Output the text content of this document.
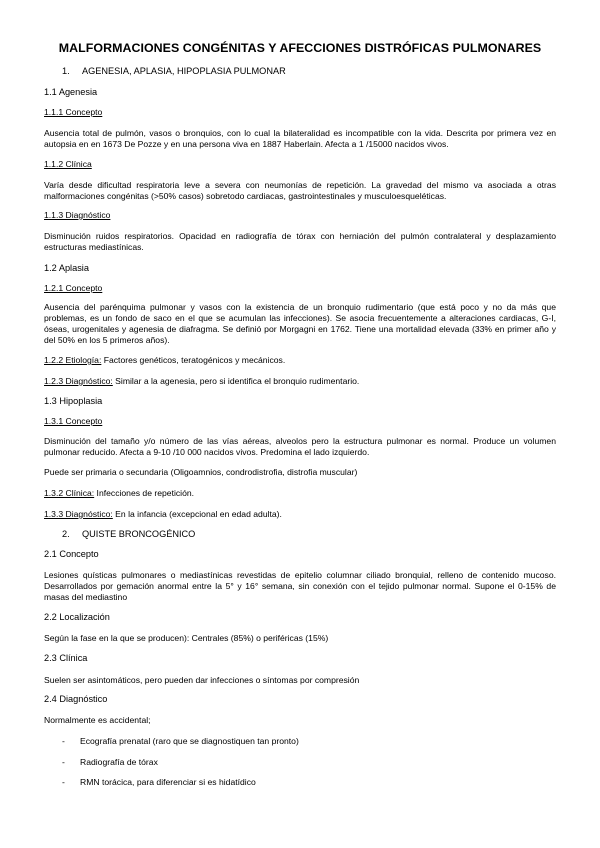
MALFORMACIONES CONGÉNITAS Y AFECCIONES DISTRÓFICAS PULMONARES
1. AGENESIA, APLASIA, HIPOPLASIA PULMONAR
1.1 Agenesia
1.1.1 Concepto
Ausencia total de pulmón, vasos o bronquios, con lo cual la bilateralidad es incompatible con la vida. Descrita por primera vez en autopsia en en 1673 De Pozze y en una persona viva en 1887 Haberlain. Afecta a 1 /15000 nacidos vivos.
1.1.2 Clínica
Varía desde dificultad respiratoria leve a severa con neumonías de repetición. La gravedad del mismo va asociada a otras malformaciones congénitas (>50% casos) sobretodo cardiacas, gastrointestinales y musculoesqueléticas.
1.1.3 Diagnóstico
Disminución ruidos respiratorios. Opacidad en radiografía de tórax con herniación del pulmón contralateral y desplazamiento estructuras mediastínicas.
1.2 Aplasia
1.2.1 Concepto
Ausencia del parénquima pulmonar y vasos con la existencia de un bronquio rudimentario (que está poco y no da más que problemas, es un fondo de saco en el que se acumulan las infecciones). Se asocia frecuentemente a alteraciones cardiacas, G-I, óseas, urogenitales y agenesia de diafragma. Se definió por Morgagni en 1762. Tiene una mortalidad elevada (33% en primer año y del 50% en los 5 primeros años).
1.2.2 Etiología: Factores genéticos, teratogénicos y mecánicos.
1.2.3 Diagnóstico: Similar a la agenesia, pero si identifica el bronquio rudimentario.
1.3 Hipoplasia
1.3.1 Concepto
Disminución del tamaño y/o número de las vías aéreas, alveolos pero la estructura pulmonar es normal. Produce un volumen pulmonar reducido. Afecta a 9-10 /10 000 nacidos vivos. Predomina el lado izquierdo.
Puede ser primaria o secundaria (Oligoamnios, condrodistrofia, distrofia muscular)
1.3.2 Clínica: Infecciones de repetición.
1.3.3 Diagnóstico: En la infancia (excepcional en edad adulta).
2. QUISTE BRONCOGÉNICO
2.1 Concepto
Lesiones quísticas pulmonares o mediastínicas revestidas de epitelio columnar ciliado bronquial, relleno de contenido mucoso. Desarrollados por gemación anormal entre la 5° y 16° semana, sin conexión con el tejido pulmonar normal. Supone el 0-15% de masas del mediastino
2.2 Localización
Según la fase en la que se producen): Centrales (85%) o periféricas (15%)
2.3 Clínica
Suelen ser asintomáticos, pero pueden dar infecciones o síntomas por compresión
2.4 Diagnóstico
Normalmente es accidental;
- Ecografía prenatal (raro que se diagnostiquen tan pronto)
- Radiografía de tórax
- RMN torácica, para diferenciar si es hidatídico
